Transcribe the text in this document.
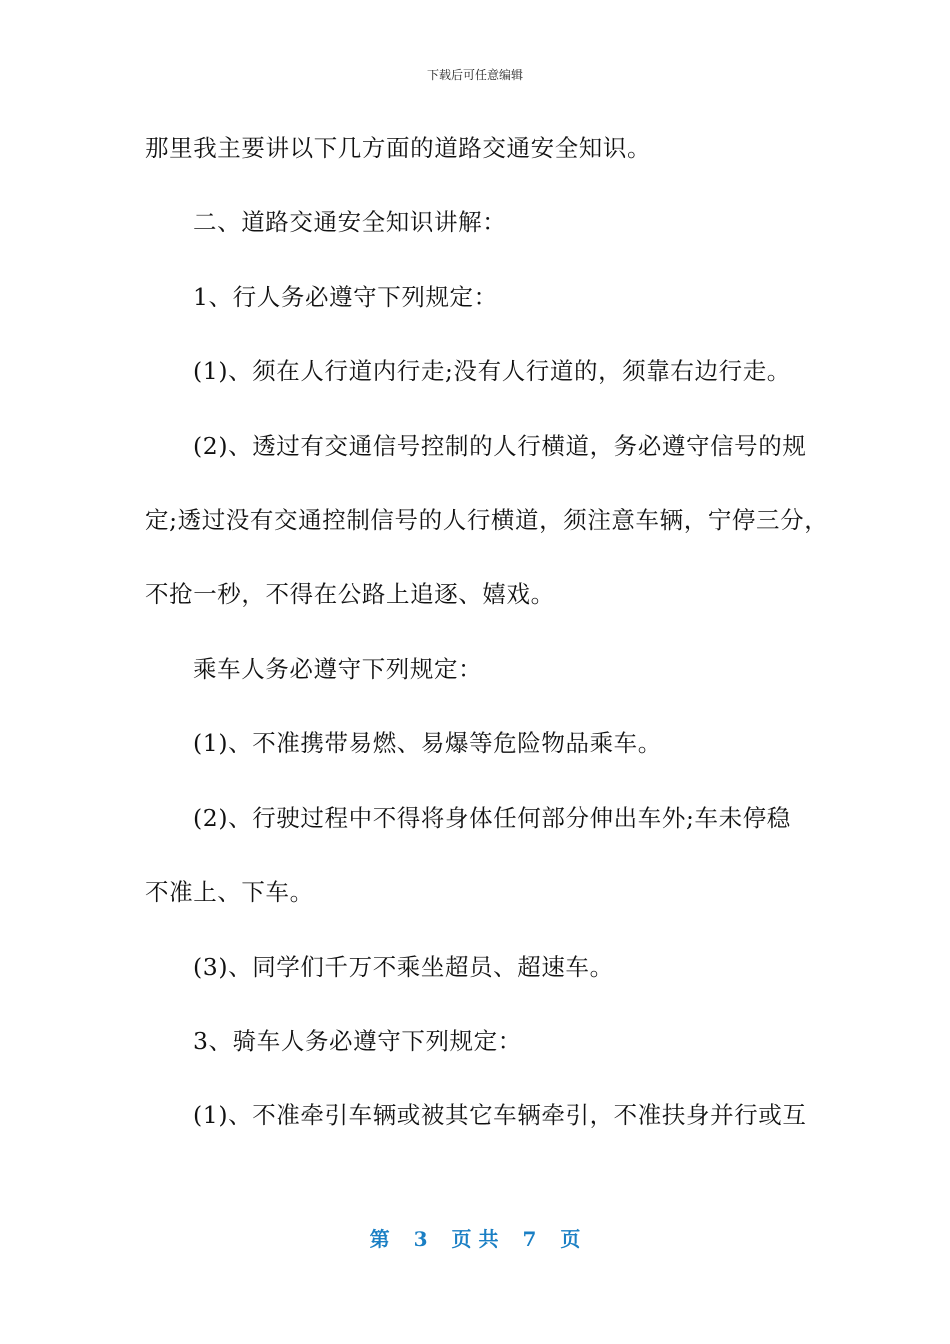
下载后可任意编辑
那里我主要讲以下几方面的道路交通安全知识。
二、道路交通安全知识讲解：
1、行人务必遵守下列规定：
(1)、须在人行道内行走;没有人行道的，须靠右边行走。
(2)、透过有交通信号控制的人行横道，务必遵守信号的规
定;透过没有交通控制信号的人行横道，须注意车辆，宁停三分，
不抢一秒，不得在公路上追逐、嬉戏。
乘车人务必遵守下列规定：
(1)、不准携带易燃、易爆等危险物品乘车。
(2)、行驶过程中不得将身体任何部分伸出车外;车未停稳
不准上、下车。
(3)、同学们千万不乘坐超员、超速车。
3、骑车人务必遵守下列规定：
(1)、不准牵引车辆或被其它车辆牵引，不准扶身并行或互
第 3 页 共 7 页
